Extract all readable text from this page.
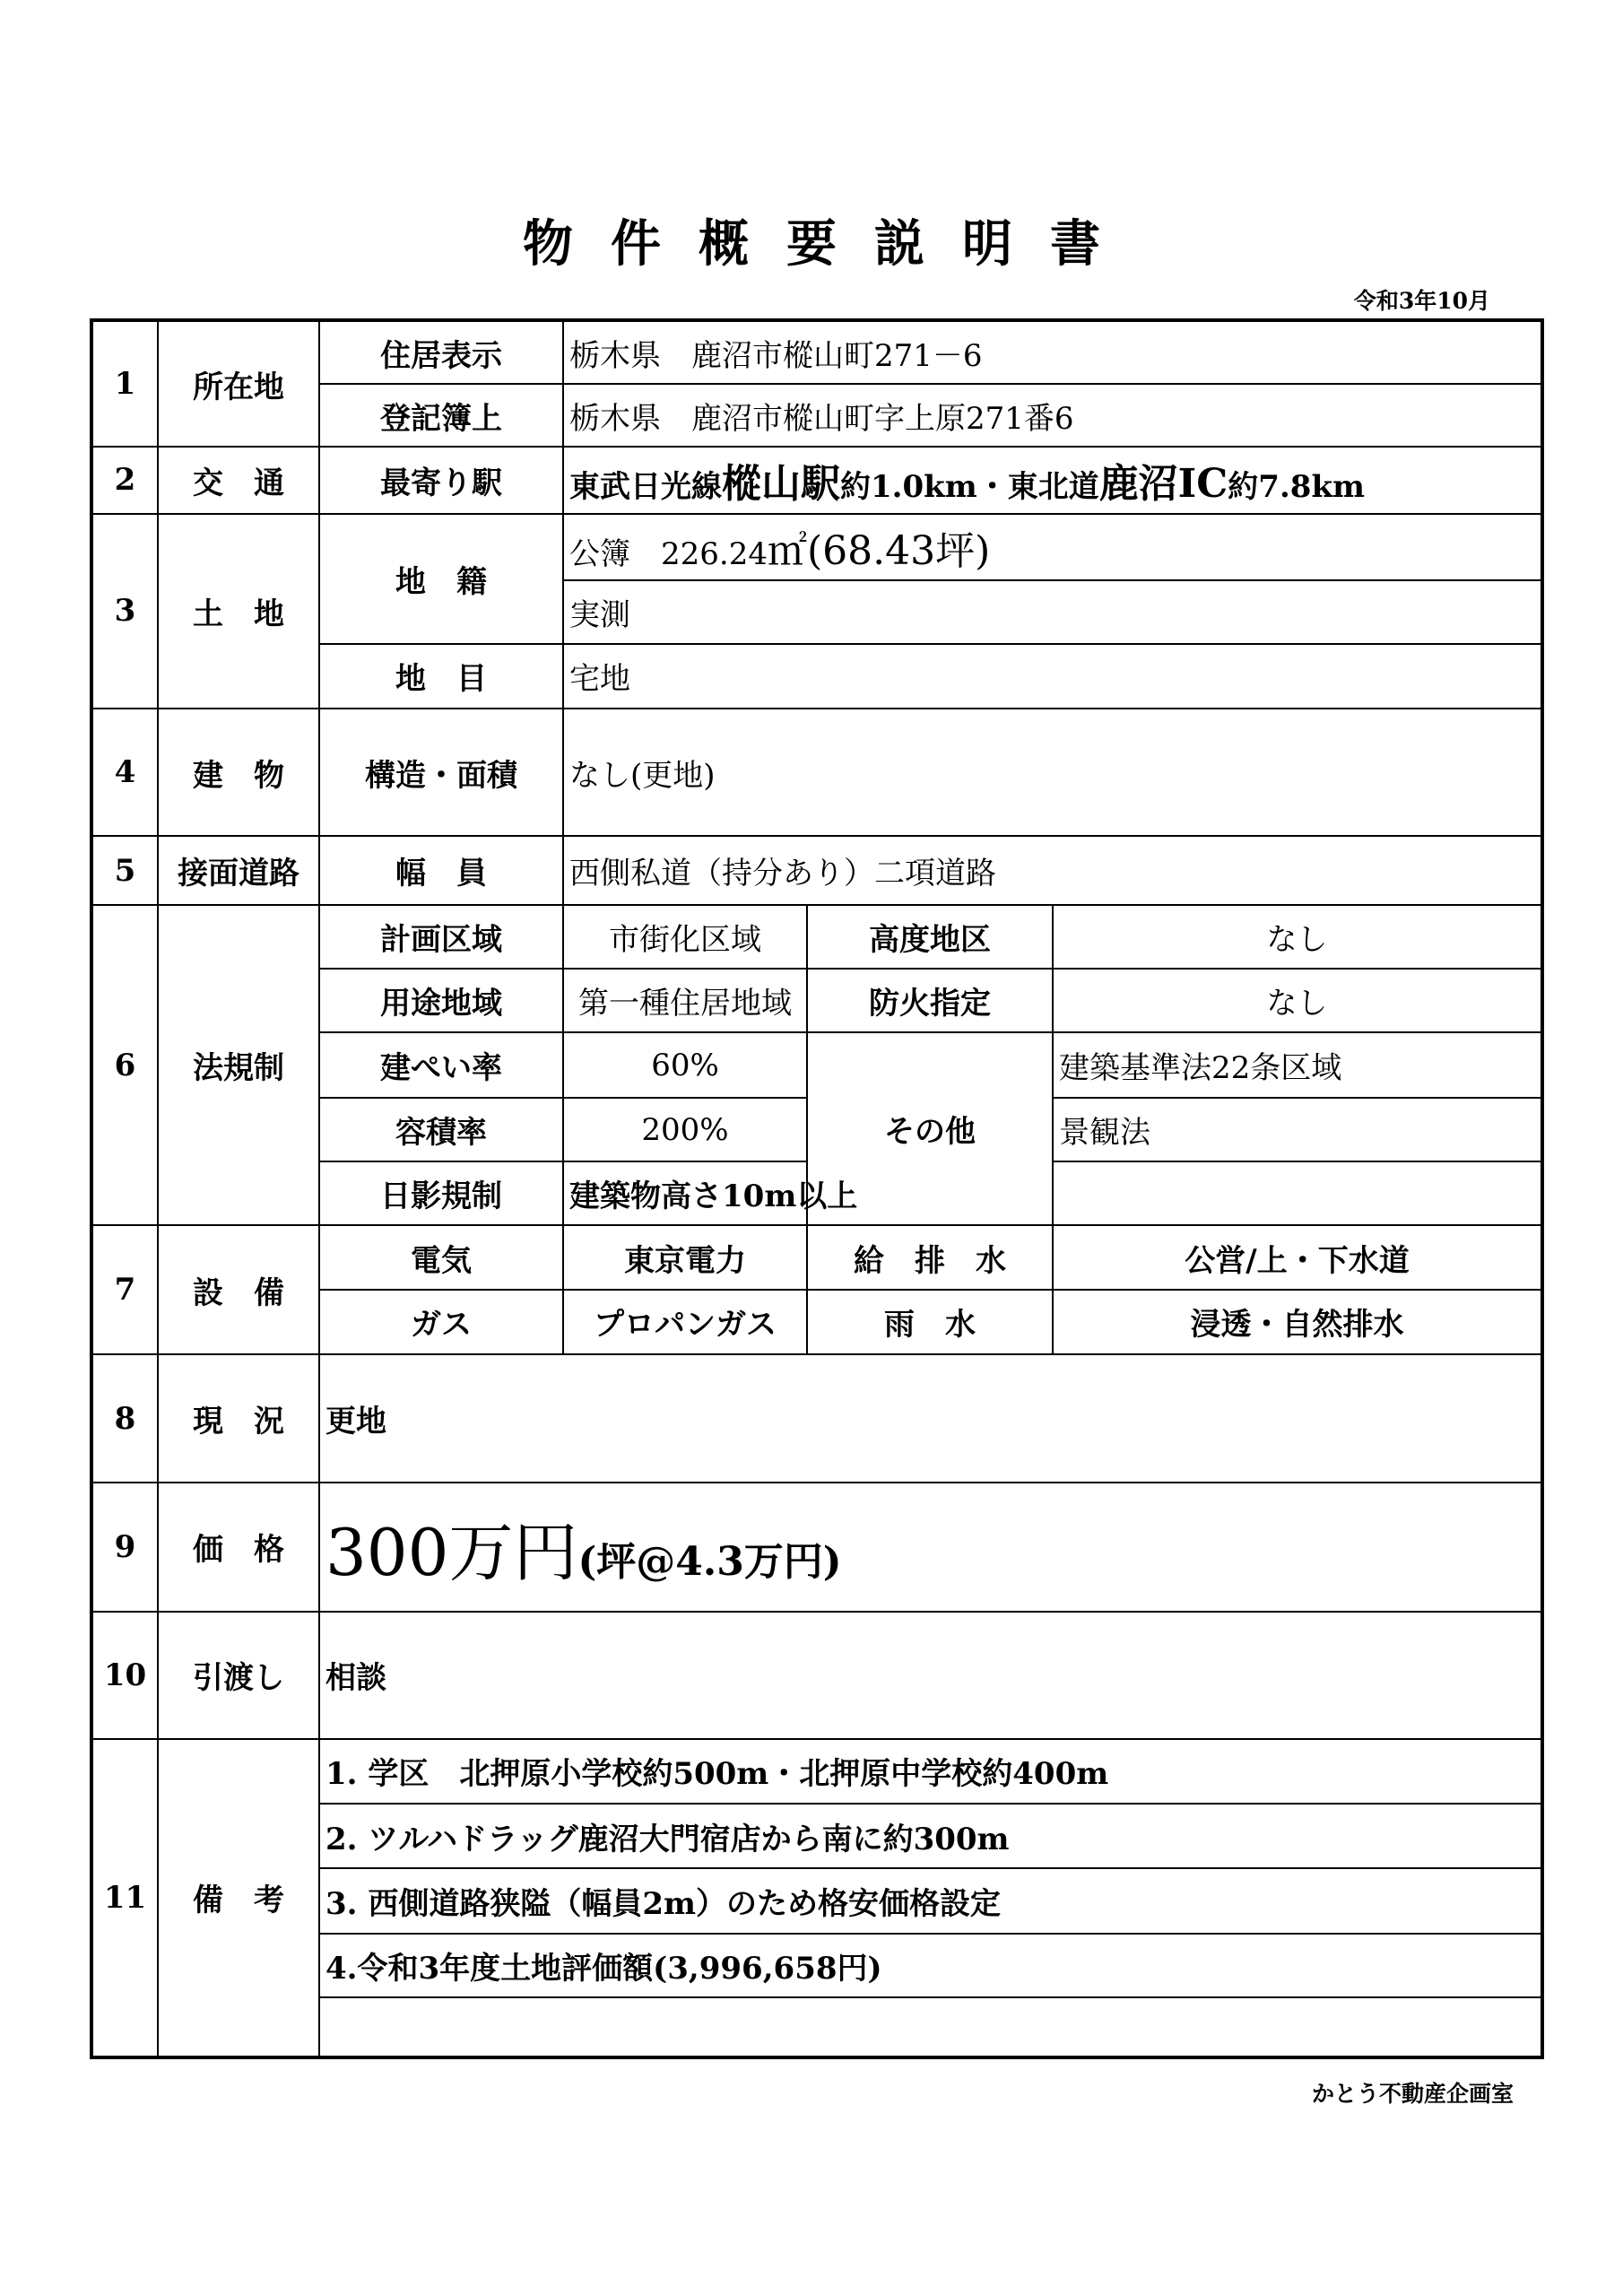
物件概要説明書
令和3年10月
1	所在地	住居表示	栃木県　鹿沼市樅山町271－6		
		登記簿上	栃木県　鹿沼市樅山町字上原271番6		
2	交　通	最寄り駅	東武日光線樅山駅約1.0km・東北道鹿沼IC約7.8km		
3	土　地	地　籍	公簿　226.24㎡(68.43坪)		
			実測		
		地　目	宅地		
4	建　物	構造・面積	なし(更地)		
5	接面道路	幅　員	西側私道（持分あり）二項道路		
6	法規制	計画区域	市街化区域	高度地区	なし
		用途地域	第一種住居地域	防火指定	なし
		建ぺい率	60%	その他	建築基準法22条区域
		容積率	200%		景観法
		日影規制	建築物高さ10m以上		
7	設　備	電気	東京電力	給　排　水	公営/上・下水道
		ガス	プロパンガス	雨　水	浸透・自然排水
8	現　況	更地			
9	価　格	300万円(坪@4.3万円)			
10	引渡し	相談			
11	備　考	1. 学区　北押原小学校約500m・北押原中学校約400m			
		2. ツルハドラッグ鹿沼大門宿店から南に約300m			
		3. 西側道路狭隘（幅員2m）のため格安価格設定			
		4.令和3年度土地評価額(3,996,658円)			

かとう不動産企画室
